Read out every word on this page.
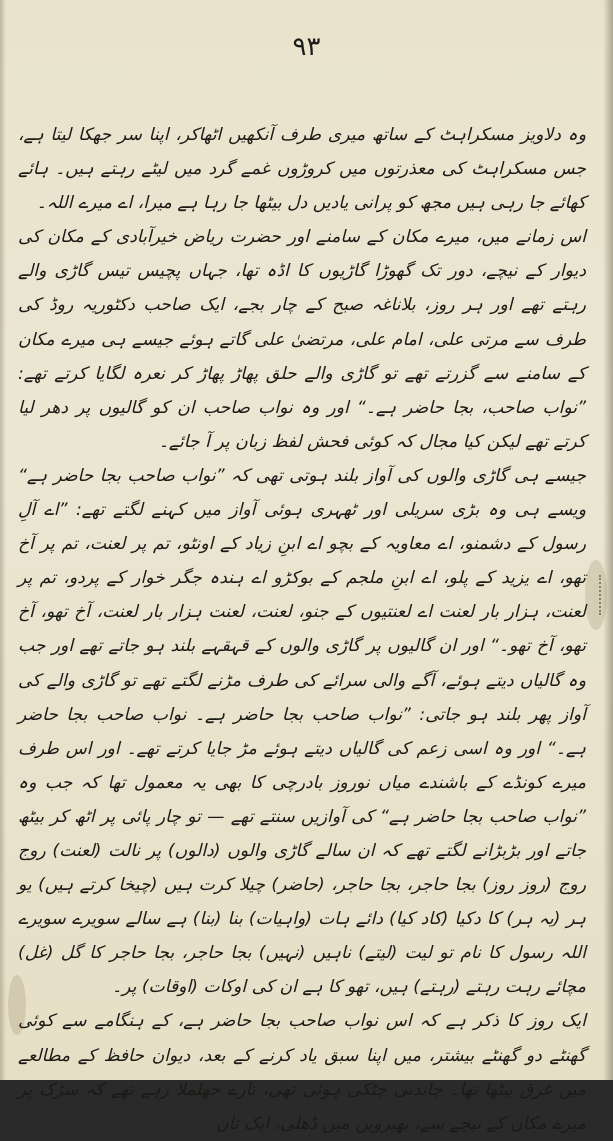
۹۳

وہ دلاویز مسکراہٹ کے ساتھ میری طرف آنکھیں اٹھاکر، اپنا سر جھکا لیتا ہے، جس مسکراہٹ کی معذرتوں میں کروڑوں غمے گرد میں لیٹے رہتے ہیں۔ ہائے کھائے جا رہی ہیں مجھ کو پرانی یادیں دل بیٹھا جا رہا ہے میرا، اے میرے اللہ۔

اس زمانے میں، میرے مکان کے سامنے اور حضرت ریاض خیرآبادی کے مکان کی دیوار کے نیچے، دور تک گھوڑا گاڑیوں کا اڈہ تھا، جہاں پچیس تیس گاڑی والے رہتے تھے اور ہر روز، بلاناغہ صبح کے چار بجے، ایک صاحب دکٹوریہ روڈ کی طرف سے مرتی علی، امام علی، مرتضیٰ علی گاتے ہوئے جیسے ہی میرے مکان کے سامنے سے گزرتے تھے تو گاڑی والے حلق پھاڑ پھاڑ کر نعرہ لگایا کرتے تھے: ”نواب صاحب، بجا حاضر ہے۔“ اور وہ نواب صاحب ان کو گالیوں پر دھر لیا کرتے تھے لیکن کیا مجال کہ کوئی فحش لفظ زبان پر آ جائے۔

جیسے ہی گاڑی والوں کی آواز بلند ہوتی تھی کہ ”نواب صاحب بجا حاضر ہے“ ویسے ہی وہ بڑی سریلی اور ٹھہری ہوئی آواز میں کہنے لگتے تھے: ”اے آلِ رسول کے دشمنو، اے معاویہ کے بچو اے ابنِ زیاد کے اونٹو، تم پر لعنت، تم پر آخ تھو، اے یزید کے پلو، اے ابنِ ملجم کے بوکڑو اے ہندہ جگر خوار کے پردو، تم پر لعنت، ہزار بار لعنت اے لعنتیوں کے جنو، لعنت، لعنت ہزار بار لعنت، آخ تھو، آخ تھو، آخ تھو۔“ اور ان گالیوں پر گاڑی والوں کے قہقہے بلند ہو جاتے تھے اور جب وہ گالیاں دیتے ہوئے، آگے والی سرائے کی طرف مڑنے لگتے تھے تو گاڑی والے کی آواز پھر بلند ہو جاتی: ”نواب صاحب بجا حاضر ہے۔ نواب صاحب بجا حاضر ہے۔“ اور وہ اسی زعم کی گالیاں دیتے ہوئے مڑ جایا کرتے تھے۔ اور اس طرف میرے کونڈے کے باشندے میاں نوروز بادرچی کا بھی یہ معمول تھا کہ جب وہ ”نواب صاحب بجا حاضر ہے“ کی آوازیں سنتے تھے — تو چار پائی پر اٹھ کر بیٹھ جاتے اور بڑبڑانے لگتے تھے کہ ان سالے گاڑی والوں (دالوں) پر نالت (لعنت) روج روج (روز روز) بجا حاجر، بجا حاجر، (حاضر) چیلا کرت ہیں (چیخا کرتے ہیں) یو ہر (یہ ہر) کا دکیا (کاد کیا) دائے ہات (واہیات) بنا (بنا) ہے سالے سویرے سویرے اللہ رسول کا نام تو لیت (لیتے) ناہیں (نہیں) بجا حاجر، بجا حاجر کا گل (غل) مچائے رہت رہتے (رہتے) ہیں، تھو کا ہے ان کی اوکات (اوقات) پر۔

ایک روز کا ذکر ہے کہ اس نواب صاحب بجا حاضر ہے، کے ہنگامے سے کوئی گھنٹے دو گھنٹے بیشتر، میں اپنا سبق یاد کرنے کے بعد، دیوان حافظ کے مطالعے میں غرق بیٹھا تھا۔ چاندنی چٹکی ہوئی تھی، تارے جھلملا رہے تھے کہ سڑک پر میرے مکان کے نیچے سے، بھیرویں میں ڈھلی، ایک تان
